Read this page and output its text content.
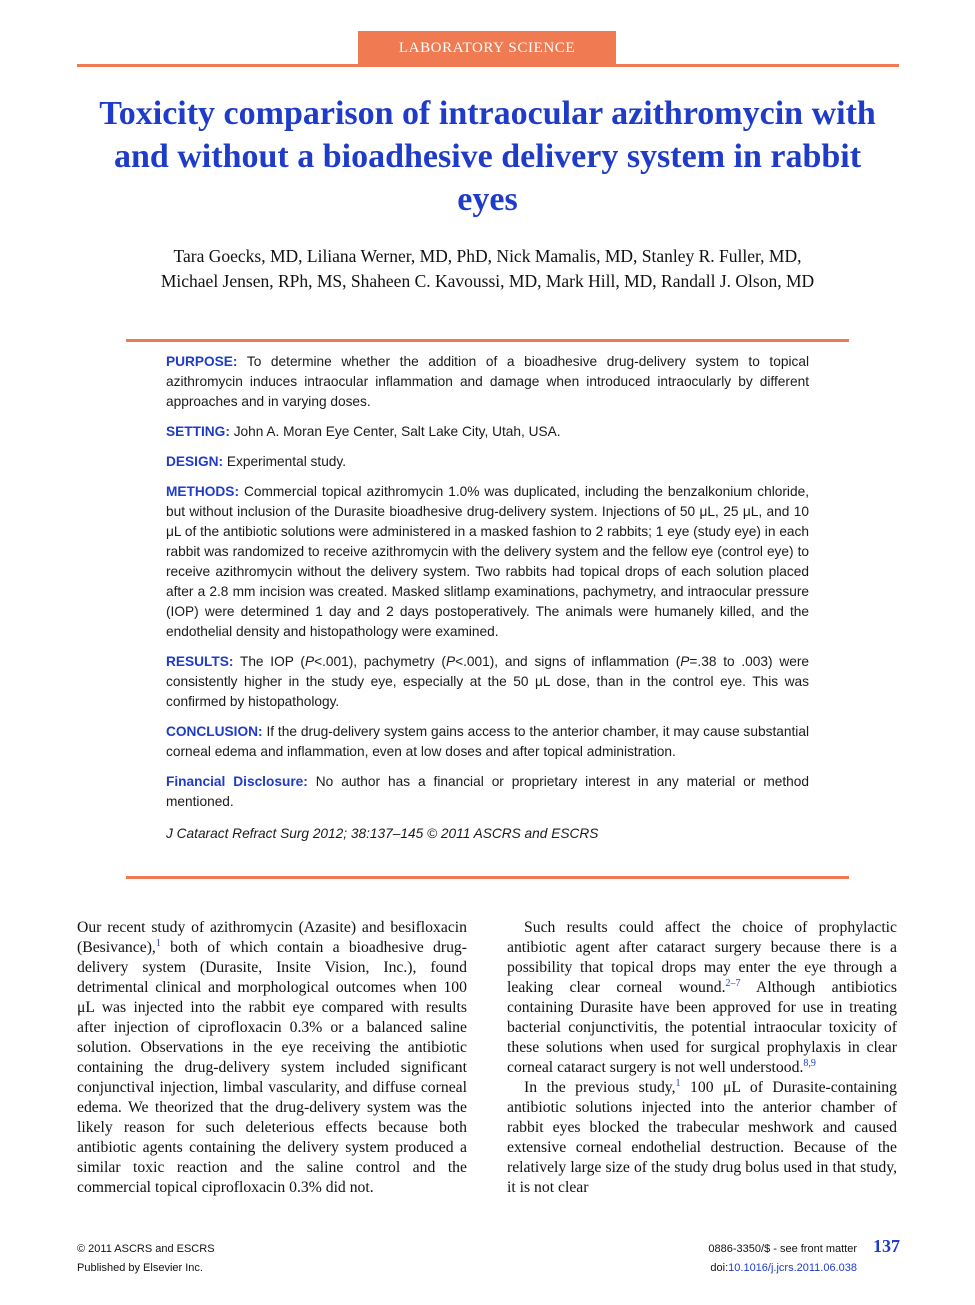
LABORATORY SCIENCE
Toxicity comparison of intraocular azithromycin with and without a bioadhesive delivery system in rabbit eyes

Tara Goecks, MD, Liliana Werner, MD, PhD, Nick Mamalis, MD, Stanley R. Fuller, MD,
Michael Jensen, RPh, MS, Shaheen C. Kavoussi, MD, Mark Hill, MD, Randall J. Olson, MD

PURPOSE: To determine whether the addition of a bioadhesive drug-delivery system to topical azithromycin induces intraocular inflammation and damage when introduced intraocularly by different approaches and in varying doses.

SETTING: John A. Moran Eye Center, Salt Lake City, Utah, USA.

DESIGN: Experimental study.

METHODS: Commercial topical azithromycin 1.0% was duplicated, including the benzalkonium chloride, but without inclusion of the Durasite bioadhesive drug-delivery system. Injections of 50 μL, 25 μL, and 10 μL of the antibiotic solutions were administered in a masked fashion to 2 rabbits; 1 eye (study eye) in each rabbit was randomized to receive azithromycin with the delivery system and the fellow eye (control eye) to receive azithromycin without the delivery system. Two rabbits had topical drops of each solution placed after a 2.8 mm incision was created. Masked slitlamp examinations, pachymetry, and intraocular pressure (IOP) were determined 1 day and 2 days postoperatively. The animals were humanely killed, and the endothelial density and histopathology were examined.

RESULTS: The IOP (P<.001), pachymetry (P<.001), and signs of inflammation (P=.38 to .003) were consistently higher in the study eye, especially at the 50 μL dose, than in the control eye. This was confirmed by histopathology.

CONCLUSION: If the drug-delivery system gains access to the anterior chamber, it may cause substantial corneal edema and inflammation, even at low doses and after topical administration.

Financial Disclosure: No author has a financial or proprietary interest in any material or method mentioned.

J Cataract Refract Surg 2012; 38:137–145 © 2011 ASCRS and ESCRS

Our recent study of azithromycin (Azasite) and besifloxacin (Besivance),$^1$ both of which contain a bioadhesive drug-delivery system (Durasite, Insite Vision, Inc.), found detrimental clinical and morphological outcomes when 100 μL was injected into the rabbit eye compared with results after injection of ciprofloxacin 0.3% or a balanced saline solution. Observations in the eye receiving the antibiotic containing the drug-delivery system included significant conjunctival injection, limbal vascularity, and diffuse corneal edema. We theorized that the drug-delivery system was the likely reason for such deleterious effects because both antibiotic agents containing the delivery system produced a similar toxic reaction and the saline control and the commercial topical ciprofloxacin 0.3% did not.

Such results could affect the choice of prophylactic antibiotic agent after cataract surgery because there is a possibility that topical drops may enter the eye through a leaking clear corneal wound.$^{2-7}$ Although antibiotics containing Durasite have been approved for use in treating bacterial conjunctivitis, the potential intraocular toxicity of these solutions when used for surgical prophylaxis in clear corneal cataract surgery is not well understood.$^{8,9}$

In the previous study,$^1$ 100 μL of Durasite-containing antibiotic solutions injected into the anterior chamber of rabbit eyes blocked the trabecular meshwork and caused extensive corneal endothelial destruction. Because of the relatively large size of the study drug bolus used in that study, it is not clear

© 2011 ASCRS and ESCRS
Published by Elsevier Inc.
0886-3350/$ - see front matter
doi:10.1016/j.jcrs.2011.06.038
137
